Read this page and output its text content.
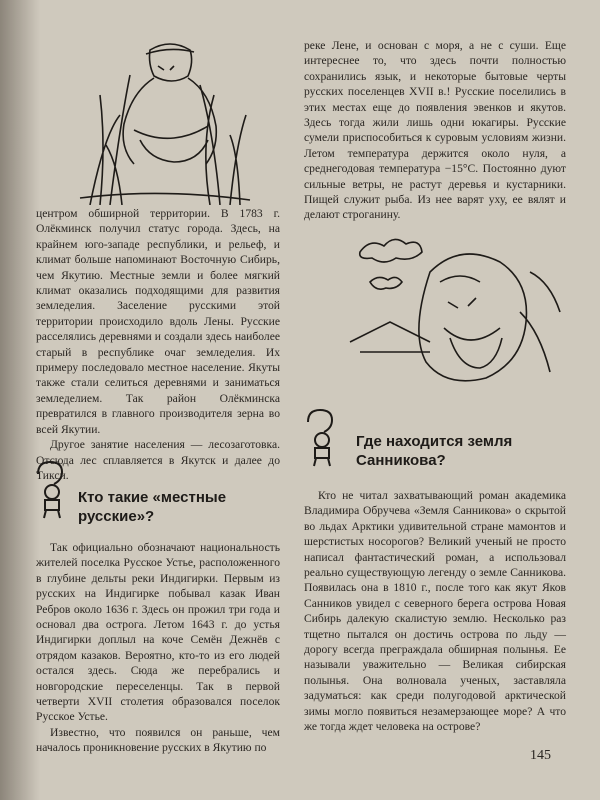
центром обширной территории. В 1783 г. Олёкминск получил статус города. Здесь, на крайнем юго-западе республики, и рельеф, и климат больше напоминают Восточную Сибирь, чем Якутию. Местные земли и более мягкий климат оказались подходящими для развития земледелия. Заселение русскими этой территории происходило вдоль Лены. Русские расселялись деревнями и создали здесь наиболее старый в республике очаг земледелия. Их примеру последовало местное население. Якуты также стали селиться деревнями и заниматься земледелием. Так район Олёкминска превратился в главного производителя зерна во всей Якутии.

Другое занятие населения — лесозаготовка. Отсюда лес сплавляется в Якутск и далее до Тикси.

Кто такие «местные русские»?

Так официально обозначают национальность жителей поселка Русское Устье, расположенного в глубине дельты реки Индигирки. Первым из русских на Индигирке побывал казак Иван Ребров около 1636 г. Здесь он прожил три года и основал два острога. Летом 1643 г. до устья Индигирки доплыл на коче Семён Дежнёв с отрядом казаков. Вероятно, кто-то из его людей остался здесь. Сюда же перебрались и новгородские переселенцы. Так в первой четверти XVII столетия образовался поселок Русское Устье.

Известно, что появился он раньше, чем началось проникновение русских в Якутию по

реке Лене, и основан с моря, а не с суши. Еще интереснее то, что здесь почти полностью сохранились язык, и некоторые бытовые черты русских поселенцев XVII в.! Русские поселились в этих местах еще до появления эвенков и якутов. Здесь тогда жили лишь одни юкагиры. Русские сумели приспособиться к суровым условиям жизни. Летом температура держится около нуля, а среднегодовая температура −15°С. Постоянно дуют сильные ветры, не растут деревья и кустарники. Пищей служит рыба. Из нее варят уху, ее вялят и делают строганину.

Где находится земля Санникова?

Кто не читал захватывающий роман академика Владимира Обручева «Земля Санникова» о скрытой во льдах Арктики удивительной стране мамонтов и шерстистых носорогов? Великий ученый не просто написал фантастический роман, а использовал реально существующую легенду о земле Санникова. Появилась она в 1810 г., после того как якут Яков Санников увидел с северного берега острова Новая Сибирь далекую скалистую землю. Несколько раз тщетно пытался он достичь острова по льду — дорогу всегда преграждала обширная полынья. Ее называли уважительно — Великая сибирская полынья. Она волновала ученых, заставляла задуматься: как среди полугодовой арктической зимы могло появиться незамерзающее море? А что же тогда ждет человека на острове?

145
